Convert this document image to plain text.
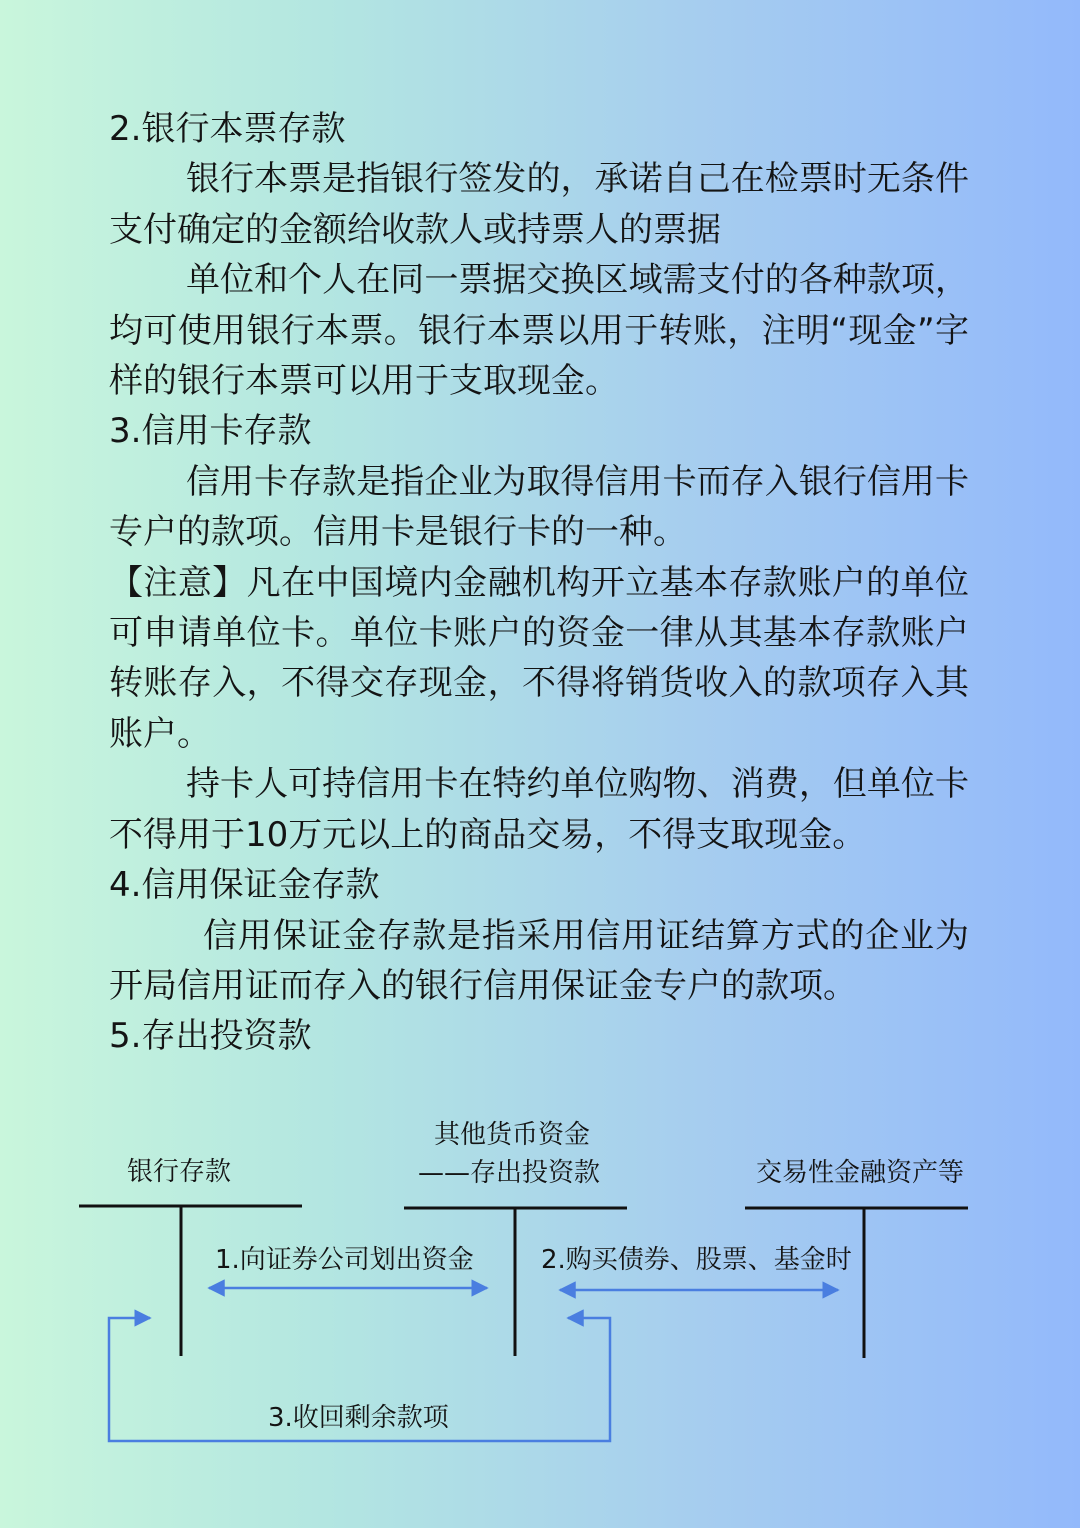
2.银行本票存款

银行本票是指银行签发的，承诺自己在检票时无条件支付确定的金额给收款人或持票人的票据

单位和个人在同一票据交换区域需支付的各种款项，均可使用银行本票。银行本票以用于转账，注明“现金”字样的银行本票可以用于支取现金。

3.信用卡存款

信用卡存款是指企业为取得信用卡而存入银行信用卡专户的款项。信用卡是银行卡的一种。

【注意】凡在中国境内金融机构开立基本存款账户的单位可申请单位卡。单位卡账户的资金一律从其基本存款账户转账存入，不得交存现金，不得将销货收入的款项存入其账户。

持卡人可持信用卡在特约单位购物、消费，但单位卡不得用于10万元以上的商品交易，不得支取现金。

4.信用保证金存款

信用保证金存款是指采用信用证结算方式的企业为开局信用证而存入的银行信用保证金专户的款项。

5.存出投资款

银行存款
其他货币资金
——存出投资款	交易性金融资产等
1.向证券公司划出资金	2.购买债券、股票、基金时
3.收回剩余款项
